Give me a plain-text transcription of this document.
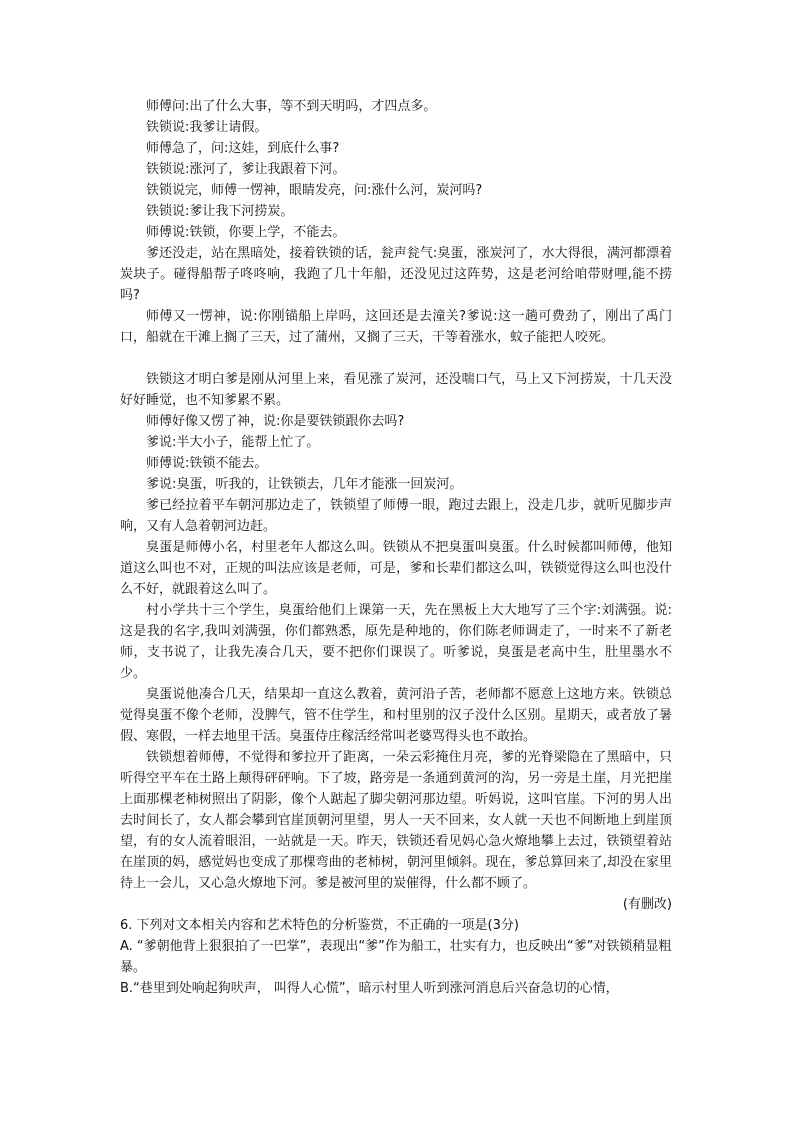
师傅问:出了什么大事，等不到天明吗，才四点多。

铁锁说:我爹让请假。

师傅急了，问:这娃，到底什么事?

铁锁说:涨河了，爹让我跟着下河。

铁锁说完，师傅一愣神，眼睛发亮，问:涨什么河，炭河吗?

铁锁说:爹让我下河捞炭。

师傅说:铁锁，你要上学，不能去。

爹还没走，站在黑暗处，接着铁锁的话，瓮声瓮气:臭蛋，涨炭河了，水大得很，满河都漂着炭块子。碰得船帮子咚咚响，我跑了几十年船，还没见过这阵势，这是老河给咱带财哩,能不捞吗?

师傅又一愣神，说:你刚锚船上岸吗，这回还是去潼关?爹说:这一趟可费劲了，刚出了禹门口，船就在干滩上搁了三天，过了蒲州，又搁了三天，干等着涨水，蚊子能把人咬死。

铁锁这才明白爹是刚从河里上来，看见涨了炭河，还没喘口气，马上又下河捞炭，十几天没好好睡觉，也不知爹累不累。

师傅好像又愣了神，说:你是要铁锁跟你去吗?

爹说:半大小子，能帮上忙了。

师傅说:铁锁不能去。

爹说:臭蛋，听我的，让铁锁去，几年才能涨一回炭河。

爹已经拉着平车朝河那边走了，铁锁望了师傅一眼，跑过去跟上，没走几步，就听见脚步声响，又有人急着朝河边赶。

臭蛋是师傅小名，村里老年人都这么叫。铁锁从不把臭蛋叫臭蛋。什么时候都叫师傅，他知道这么叫也不对，正规的叫法应该是老师，可是，爹和长辈们都这么叫，铁锁觉得这么叫也没什么不好，就跟着这么叫了。

村小学共十三个学生，臭蛋给他们上课第一天，先在黑板上大大地写了三个字:刘满强。说:这是我的名字,我叫刘满强，你们都熟悉，原先是种地的，你们陈老师调走了，一时来不了新老师，支书说了，让我先凑合几天，要不把你们课误了。听爹说，臭蛋是老高中生，肚里墨水不少。

臭蛋说他凑合几天，结果却一直这么教着，黄河沿子苦，老师都不愿意上这地方来。铁锁总觉得臭蛋不像个老师，没脾气，管不住学生，和村里别的汉子没什么区别。星期天，或者放了暑假、寒假，一样去地里干活。臭蛋侍庄稼活经常叫老婆骂得头也不敢抬。

铁锁想着师傅，不觉得和爹拉开了距离，一朵云彩掩住月亮，爹的光脊梁隐在了黑暗中，只听得空平车在土路上颠得砰砰响。下了坡，路旁是一条通到黄河的沟，另一旁是土崖，月光把崖上面那棵老柿树照出了阴影，像个人踮起了脚尖朝河那边望。听妈说，这叫官崖。下河的男人出去时间长了，女人都会攀到官崖顶朝河里望，男人一天不回来，女人就一天也不间断地上到崖顶望，有的女人流着眼泪，一站就是一天。昨天，铁锁还看见妈心急火燎地攀上去过，铁锁望着站在崖顶的妈，感觉妈也变成了那棵弯曲的老柿树，朝河里倾斜。现在，爹总算回来了,却没在家里待上一会儿，又心急火燎地下河。爹是被河里的炭催得，什么都不顾了。

(有删改)

6. 下列对文本相关内容和艺术特色的分析鉴赏，不正确的一项是(3分)

A. “爹朝他背上狠狠拍了一巴掌”，表现出“爹”作为船工，壮实有力，也反映出“爹”对铁锁稍显粗暴。

B.“巷里到处响起狗吠声， 叫得人心慌”，暗示村里人听到涨河消息后兴奋急切的心情，
